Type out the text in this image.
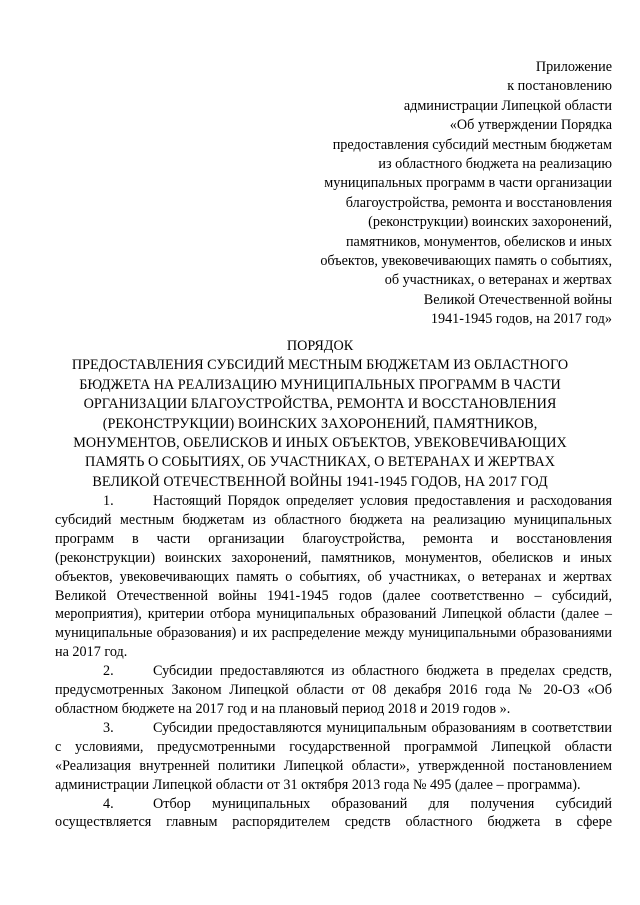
Приложение
к постановлению
администрации Липецкой области
«Об утверждении Порядка
предоставления субсидий местным бюджетам
из областного бюджета на реализацию
муниципальных программ в части организации
благоустройства, ремонта и восстановления
(реконструкции) воинских захоронений,
памятников, монументов, обелисков и иных
объектов, увековечивающих память о событиях,
об участниках, о ветеранах и жертвах
Великой Отечественной войны
1941-1945 годов, на 2017 год»
ПОРЯДОК
ПРЕДОСТАВЛЕНИЯ СУБСИДИЙ МЕСТНЫМ БЮДЖЕТАМ ИЗ ОБЛАСТНОГО
БЮДЖЕТА НА РЕАЛИЗАЦИЮ МУНИЦИПАЛЬНЫХ ПРОГРАММ В ЧАСТИ
ОРГАНИЗАЦИИ БЛАГОУСТРОЙСТВА, РЕМОНТА И ВОССТАНОВЛЕНИЯ
(РЕКОНСТРУКЦИИ) ВОИНСКИХ ЗАХОРОНЕНИЙ, ПАМЯТНИКОВ,
МОНУМЕНТОВ, ОБЕЛИСКОВ И ИНЫХ ОБЪЕКТОВ, УВЕКОВЕЧИВАЮЩИХ
ПАМЯТЬ О СОБЫТИЯХ, ОБ УЧАСТНИКАХ, О ВЕТЕРАНАХ И ЖЕРТВАХ
ВЕЛИКОЙ ОТЕЧЕСТВЕННОЙ ВОЙНЫ 1941-1945 ГОДОВ, НА 2017 ГОД

1.	Настоящий Порядок определяет условия предоставления и расходования субсидий местным бюджетам из областного бюджета на реализацию муниципальных программ в части организации благоустройства, ремонта и восстановления (реконструкции) воинских захоронений, памятников, монументов, обелисков и иных объектов, увековечивающих память о событиях, об участниках, о ветеранах и жертвах Великой Отечественной войны 1941-1945 годов (далее соответственно – субсидий, мероприятия), критерии отбора муниципальных образований Липецкой области (далее – муниципальные образования) и их распределение между муниципальными образованиями на 2017 год.

2.	Субсидии предоставляются из областного бюджета в пределах средств, предусмотренных Законом Липецкой области от 08 декабря 2016 года № 20-ОЗ «Об областном бюджете на 2017 год и на плановый период 2018 и 2019 годов ».

3.	Субсидии предоставляются муниципальным образованиям в соответствии с условиями, предусмотренными государственной программой Липецкой области «Реализация внутренней политики Липецкой области», утвержденной постановлением администрации Липецкой области от 31 октября 2013 года № 495 (далее – программа).

4.	Отбор муниципальных образований для получения субсидий осуществляется главным распорядителем средств областного бюджета в сфере
